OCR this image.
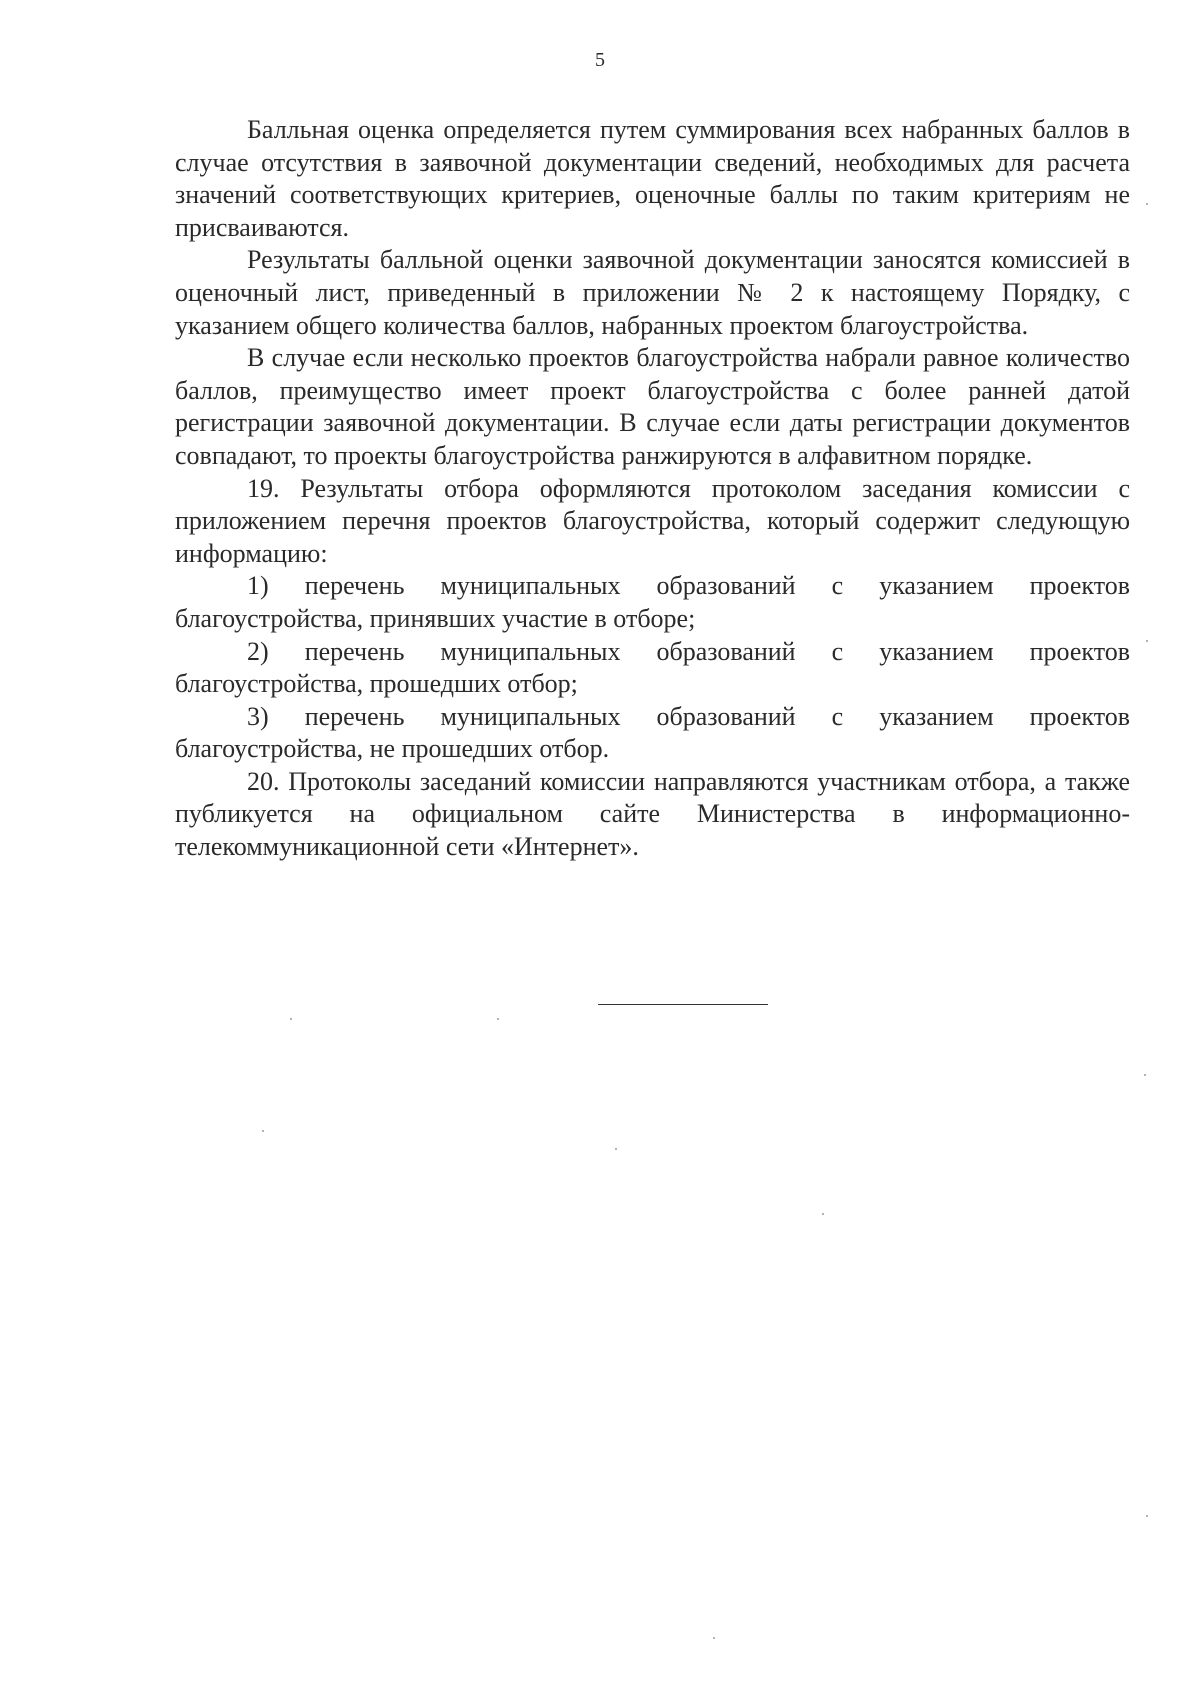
5

Балльная оценка определяется путем суммирования всех набранных баллов в случае отсутствия в заявочной документации сведений, необходимых для расчета значений соответствующих критериев, оценочные баллы по таким критериям не присваиваются.

Результаты балльной оценки заявочной документации заносятся комиссией в оценочный лист, приведенный в приложении № 2 к настоящему Порядку, с указанием общего количества баллов, набранных проектом благоустройства.

В случае если несколько проектов благоустройства набрали равное количество баллов, преимущество имеет проект благоустройства с более ранней датой регистрации заявочной документации. В случае если даты регистрации документов совпадают, то проекты благоустройства ранжируются в алфавитном порядке.

19. Результаты отбора оформляются протоколом заседания комиссии с приложением перечня проектов благоустройства, который содержит следующую информацию:

1) перечень муниципальных образований с указанием проектов благоустройства, принявших участие в отборе;

2) перечень муниципальных образований с указанием проектов благоустройства, прошедших отбор;

3) перечень муниципальных образований с указанием проектов благоустройства, не прошедших отбор.

20. Протоколы заседаний комиссии направляются участникам отбора, а также публикуется на официальном сайте Министерства в информационно-телекоммуникационной сети «Интернет».
